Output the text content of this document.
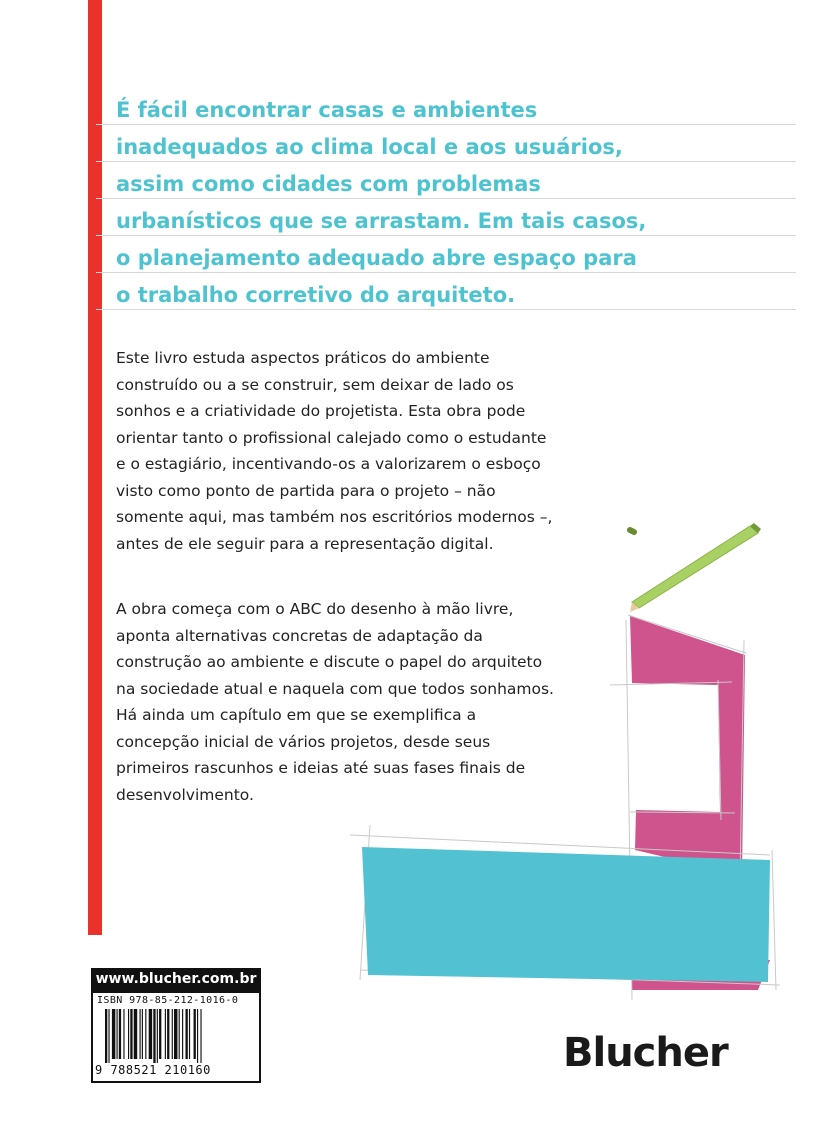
É fácil encontrar casas e ambientes
inadequados ao clima local e aos usuários,
assim como cidades com problemas
urbanísticos que se arrastam. Em tais casos,
o planejamento adequado abre espaço para
o trabalho corretivo do arquiteto.
Este livro estuda aspectos práticos do ambiente
construído ou a se construir, sem deixar de lado os
sonhos e a criatividade do projetista. Esta obra pode
orientar tanto o profissional calejado como o estudante
e o estagiário, incentivando-os a valorizarem o esboço
visto como ponto de partida para o projeto – não
somente aqui, mas também nos escritórios modernos –,
antes de ele seguir para a representação digital.
A obra começa com o ABC do desenho à mão livre,
aponta alternativas concretas de adaptação da
construção ao ambiente e discute o papel do arquiteto
na sociedade atual e naquela com que todos sonhamos.
Há ainda um capítulo em que se exemplifica a
concepção inicial de vários projetos, desde seus
primeiros rascunhos e ideias até suas fases finais de
desenvolvimento.
www.blucher.com.br
ISBN 978-85-212-1016-0
9 788521 210160	Blucher
